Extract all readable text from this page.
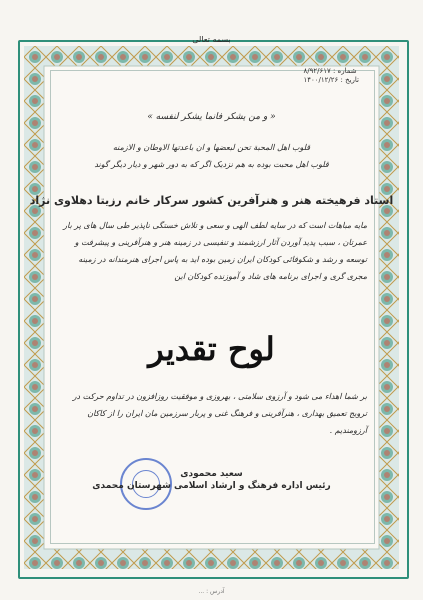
بسمه تعالی
شماره : ۸/۹۲/۶۱۷
تاریخ : ۱۴۰۰/۱۲/۲۶
« و من یشکر فانما یشکر لنفسه »
قلوب اهل المحبة تحن لبعضها و ان باعدتها الاوطان و الازمنه
قلوب اهل محبت بوده به هم نزدیک اگر که به دور شهر و دیار دیگر گوند
استاد فرهیخته هنر و هنرآفرین کشور سرکار خانم رزیتا دهلاوی نژاد
مایه مباهات است که در سایه لطف الهی و سعی و تلاش خستگی ناپذیر طی سال های پر بار عمرتان ، سبب پدید آوردن آثار ارزشمند و تنفیسی در زمینه هنر و هنرآفرینی و پیشرفت و توسعه و رشد و شکوفائی کودکان ایران زمین بوده اید به پاس اجرای هنرمندانه در زمینه مجری گری و اجرای برنامه های شاد و آموزنده کودکان این
لوح تقدیر
بر شما اهداء می شود و آرزوی سلامتی ، بهروزی و موفقیت روزافزون در تداوم حرکت در ترویج تعمیق بهداری ، هنرآفرینی و فرهنگ غنی و پربار سرزمین مان ایران را از کاکان آرزومندیم .
سعید محمودی
رئیس اداره فرهنگ و ارشاد اسلامی شهرستان محمدی
آدرس : ...
